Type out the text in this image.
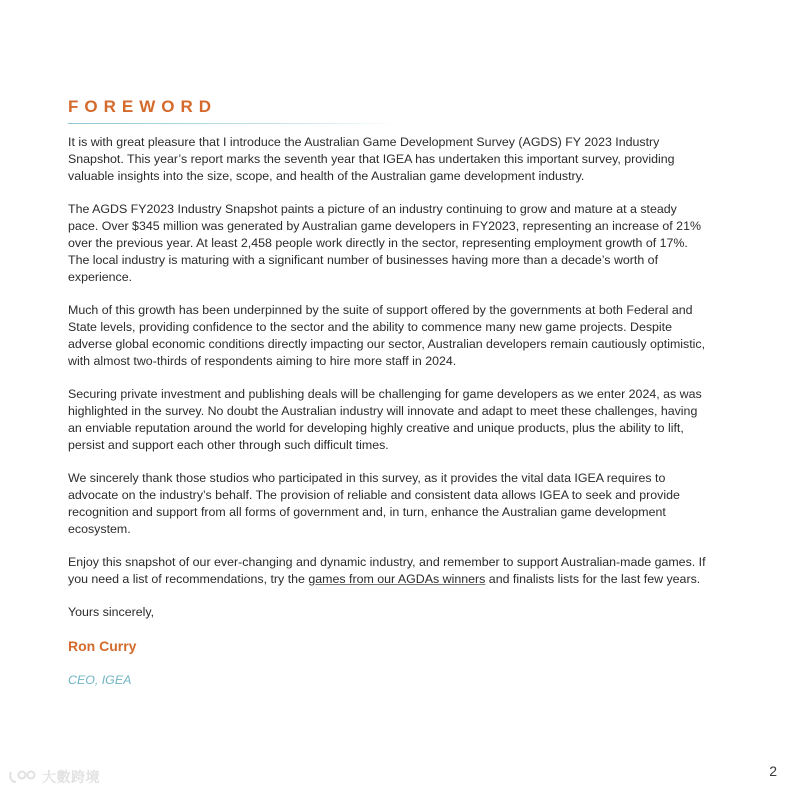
FOREWORD

It is with great pleasure that I introduce the Australian Game Development Survey (AGDS) FY 2023 Industry Snapshot. This year’s report marks the seventh year that IGEA has undertaken this important survey, providing valuable insights into the size, scope, and health of the Australian game development industry.

The AGDS FY2023 Industry Snapshot paints a picture of an industry continuing to grow and mature at a steady pace. Over $345 million was generated by Australian game developers in FY2023, representing an increase of 21% over the previous year. At least 2,458 people work directly in the sector, representing employment growth of 17%. The local industry is maturing with a significant number of businesses having more than a decade’s worth of experience.

Much of this growth has been underpinned by the suite of support offered by the governments at both Federal and State levels, providing confidence to the sector and the ability to commence many new game projects. Despite adverse global economic conditions directly impacting our sector, Australian developers remain cautiously optimistic, with almost two-thirds of respondents aiming to hire more staff in 2024.

Securing private investment and publishing deals will be challenging for game developers as we enter 2024, as was highlighted in the survey. No doubt the Australian industry will innovate and adapt to meet these challenges, having an enviable reputation around the world for developing highly creative and unique products, plus the ability to lift, persist and support each other through such difficult times.

We sincerely thank those studios who participated in this survey, as it provides the vital data IGEA requires to advocate on the industry’s behalf. The provision of reliable and consistent data allows IGEA to seek and provide recognition and support from all forms of government and, in turn, enhance the Australian game development ecosystem.

Enjoy this snapshot of our ever-changing and dynamic industry, and remember to support Australian-made games. If you need a list of recommendations, try the games from our AGDAs winners and finalists lists for the last few years.

Yours sincerely,

Ron Curry

CEO, IGEA

大數跨境	2
